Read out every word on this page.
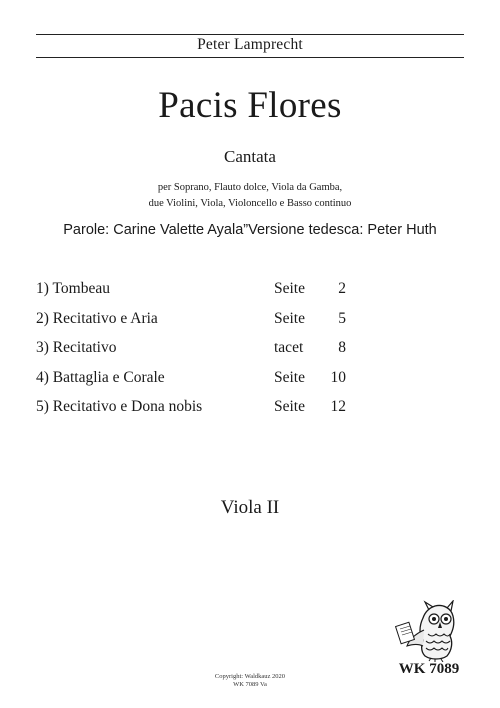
Peter Lamprecht
Pacis Flores
Cantata
per Soprano, Flauto dolce, Viola da Gamba,
due Violini, Viola, Violoncello e Basso continuo
Parole: Carine Valette Ayala”Versione tedesca: Peter Huth
1) Tombeau	Seite	2
2) Recitativo e Aria	Seite	5
3) Recitativo	tacet	8
4) Battaglia e Corale	Seite	10
5) Recitativo e Dona nobis	Seite	12
Viola II
WK 7089
Copyright: Waldkauz 2020
WK 7089 Va
